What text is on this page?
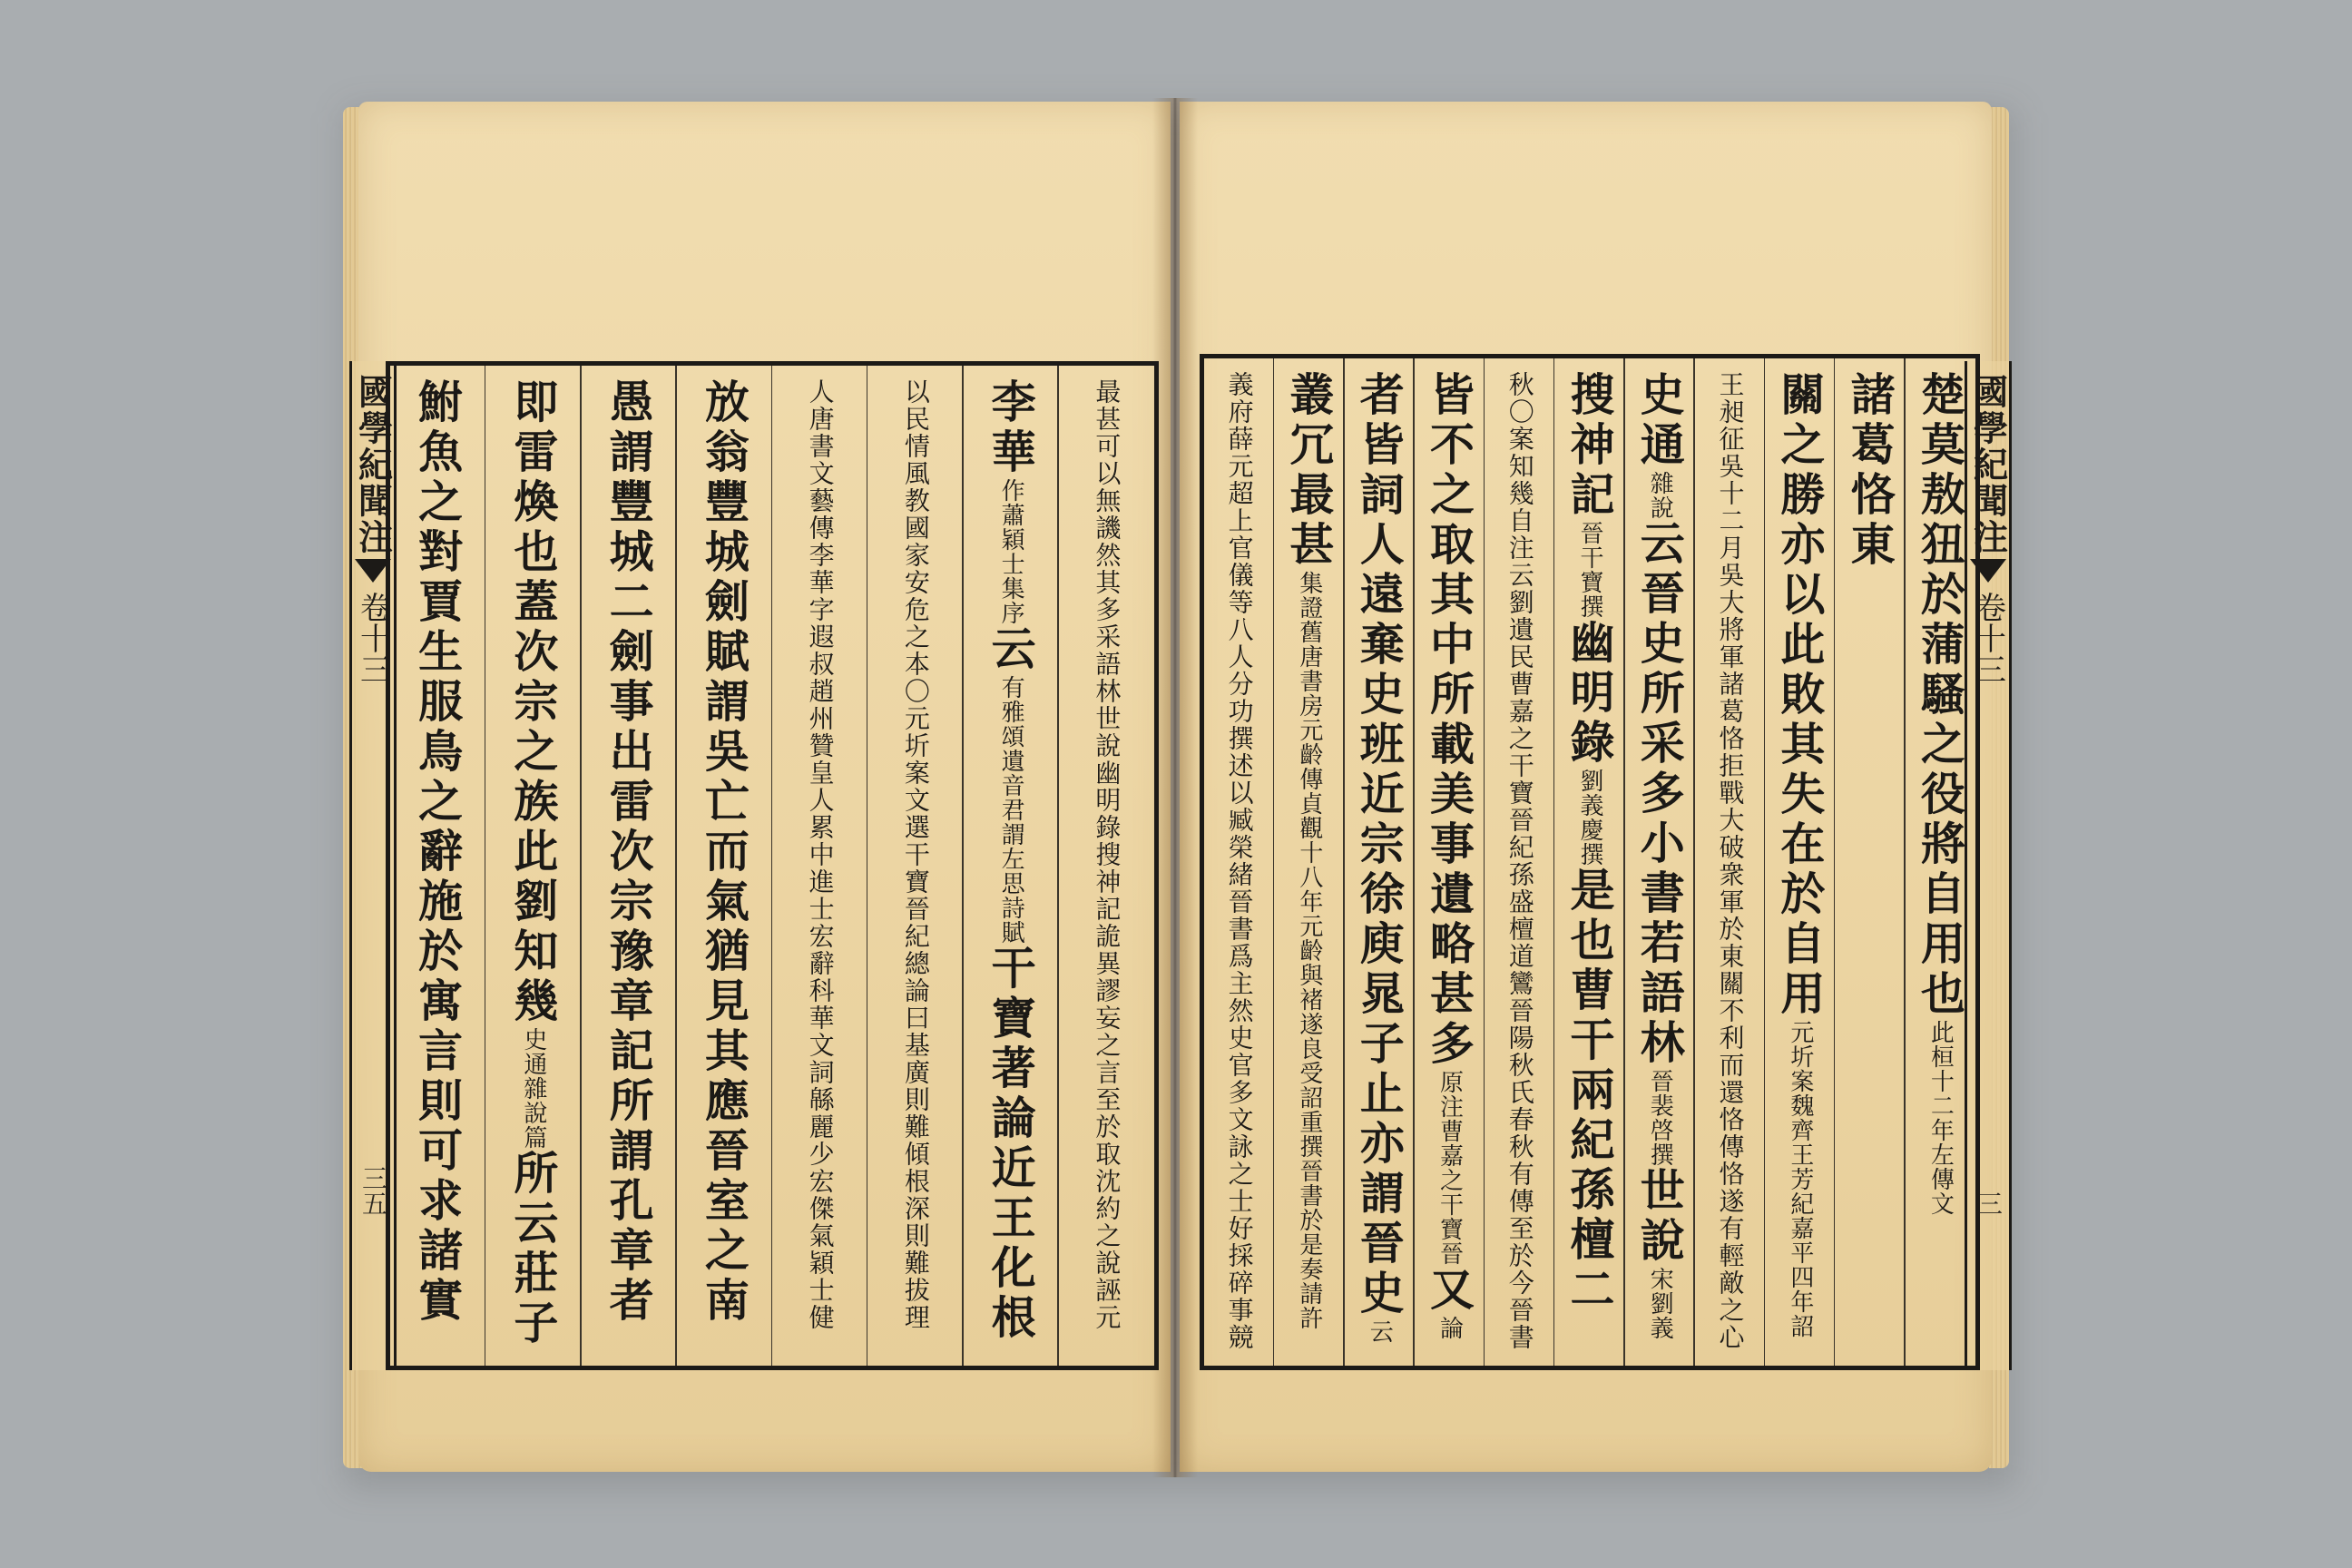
國學紀聞注
卷十三
三五
國學紀聞注
卷十三
三
最甚可以無譏然其多采語林世說幽明錄搜神記詭異謬妄之言至於取沈約之說誣元
李華作蕭穎士集序云有雅頌遺音君謂左思詩賦干寶著論近王化根
以民情風教國家安危之本〇元圻案文選干寶晉紀總論曰基廣則難傾根深則難拔理
人唐書文藝傳李華字遐叔趙州贊皇人累中進士宏辭科華文詞緜麗少宏傑氣穎士健
放翁豐城劍賦謂吳亡而氣猶見其應晉室之南
愚謂豐城二劍事出雷次宗豫章記所謂孔章者
即雷煥也蓋次宗之族此劉知幾史通雜說篇所云莊子
鮒魚之對賈生服鳥之辭施於寓言則可求諸實	楚莫敖狃於蒲騷之役將自用也此桓十二年左傳文
諸葛恪東
關之勝亦以此敗其失在於自用元圻案魏齊王芳紀嘉平四年詔
王昶征吳十二月吳大將軍諸葛恪拒戰大破衆軍於東關不利而還恪傳恪遂有輕敵之心
史通雜說云晉史所采多小書若語林晉裴啓撰世說宋劉義
搜神記晉干寶撰幽明錄劉義慶撰是也曹干兩紀孫檀二
秋〇案知幾自注云劉遺民曹嘉之干寶晉紀孫盛檀道鸞晉陽秋氏春秋有傳至於今晉書
皆不之取其中所載美事遺略甚多原注曹嘉之干寶晉又論
者皆詞人遠棄史班近宗徐庾晁子止亦謂晉史云
叢冗最甚集證舊唐書房元齡傳貞觀十八年元齡與褚遂良受詔重撰晉書於是奏請許
義府薛元超上官儀等八人分功撰述以臧榮緒晉書爲主然史官多文詠之士好採碎事競
